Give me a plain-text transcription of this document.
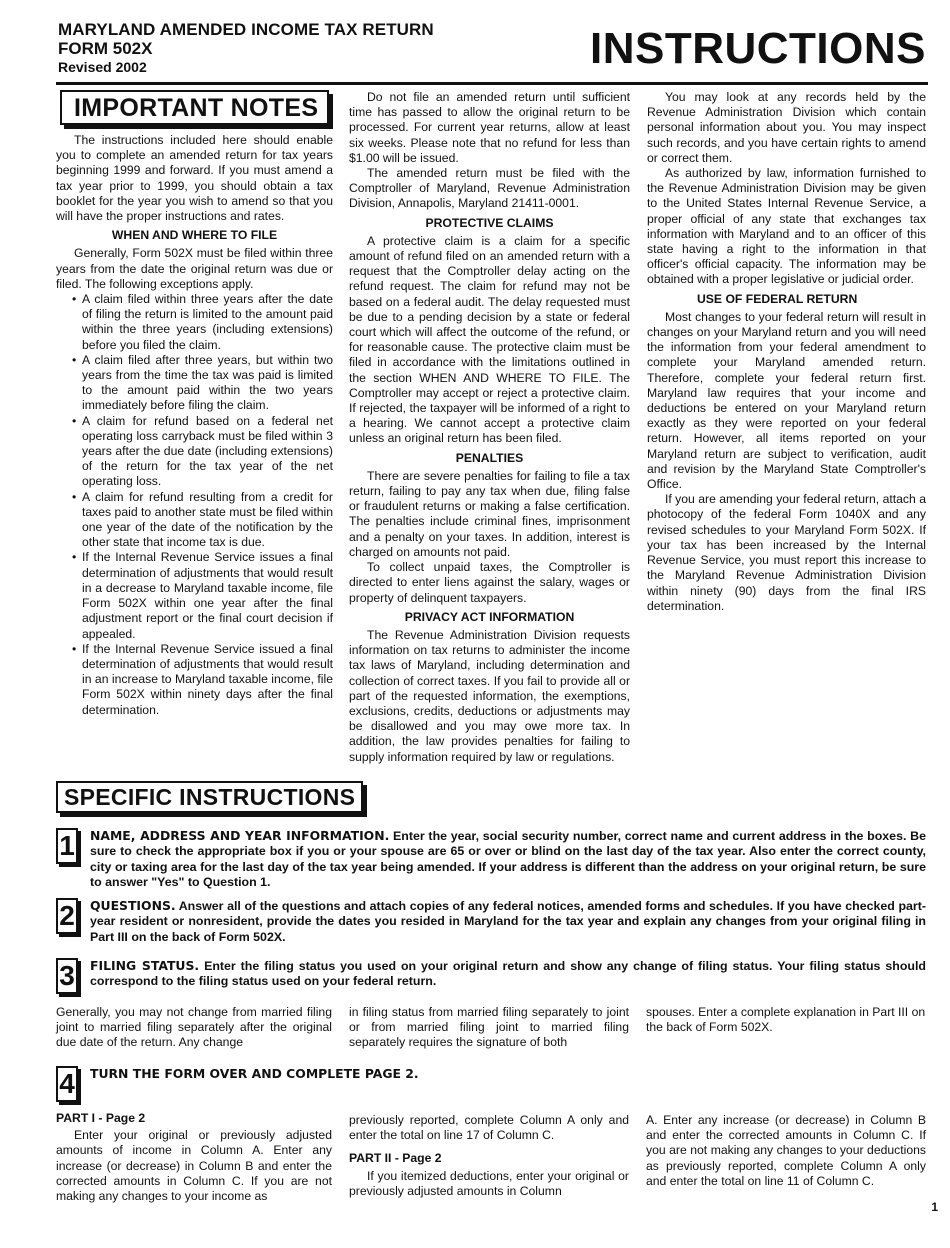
MARYLAND AMENDED INCOME TAX RETURN
FORM 502X
Revised 2002	INSTRUCTIONS
IMPORTANT NOTES

The instructions included here should enable you to complete an amended return for tax years beginning 1999 and forward. If you must amend a tax year prior to 1999, you should obtain a tax booklet for the year you wish to amend so that you will have the proper instructions and rates.

WHEN AND WHERE TO FILE

Generally, Form 502X must be filed within three years from the date the original return was due or filed. The following exceptions apply.

• A claim filed within three years after the date of filing the return is limited to the amount paid within the three years (including extensions) before you filed the claim.
• A claim filed after three years, but within two years from the time the tax was paid is limited to the amount paid within the two years immediately before filing the claim.
• A claim for refund based on a federal net operating loss carryback must be filed within 3 years after the due date (including extensions) of the return for the tax year of the net operating loss.
• A claim for refund resulting from a credit for taxes paid to another state must be filed within one year of the date of the notification by the other state that income tax is due.
• If the Internal Revenue Service issues a final determination of adjustments that would result in a decrease to Maryland taxable income, file Form 502X within one year after the final adjustment report or the final court decision if appealed.
• If the Internal Revenue Service issued a final determination of adjustments that would result in an increase to Maryland taxable income, file Form 502X within ninety days after the final determination.

Do not file an amended return until sufficient time has passed to allow the original return to be processed. For current year returns, allow at least six weeks. Please note that no refund for less than $1.00 will be issued.

The amended return must be filed with the Comptroller of Maryland, Revenue Administration Division, Annapolis, Maryland 21411-0001.

PROTECTIVE CLAIMS

A protective claim is a claim for a specific amount of refund filed on an amended return with a request that the Comptroller delay acting on the refund request. The claim for refund may not be based on a federal audit. The delay requested must be due to a pending decision by a state or federal court which will affect the outcome of the refund, or for reasonable cause. The protective claim must be filed in accordance with the limitations outlined in the section WHEN AND WHERE TO FILE. The Comptroller may accept or reject a protective claim. If rejected, the taxpayer will be informed of a right to a hearing. We cannot accept a protective claim unless an original return has been filed.

PENALTIES

There are severe penalties for failing to file a tax return, failing to pay any tax when due, filing false or fraudulent returns or making a false certification. The penalties include criminal fines, imprisonment and a penalty on your taxes. In addition, interest is charged on amounts not paid.

To collect unpaid taxes, the Comptroller is directed to enter liens against the salary, wages or property of delinquent taxpayers.

PRIVACY ACT INFORMATION

The Revenue Administration Division requests information on tax returns to administer the income tax laws of Maryland, including determination and collection of correct taxes. If you fail to provide all or part of the requested information, the exemptions, exclusions, credits, deductions or adjustments may be disallowed and you may owe more tax. In addition, the law provides penalties for failing to supply information required by law or regulations.

You may look at any records held by the Revenue Administration Division which contain personal information about you. You may inspect such records, and you have certain rights to amend or correct them.

As authorized by law, information furnished to the Revenue Administration Division may be given to the United States Internal Revenue Service, a proper official of any state that exchanges tax information with Maryland and to an officer of this state having a right to the information in that officer's official capacity. The information may be obtained with a proper legislative or judicial order.

USE OF FEDERAL RETURN

Most changes to your federal return will result in changes on your Maryland return and you will need the information from your federal amendment to complete your Maryland amended return. Therefore, complete your federal return first. Maryland law requires that your income and deductions be entered on your Maryland return exactly as they were reported on your federal return. However, all items reported on your Maryland return are subject to verification, audit and revision by the Maryland State Comptroller's Office.

If you are amending your federal return, attach a photocopy of the federal Form 1040X and any revised schedules to your Maryland Form 502X. If your tax has been increased by the Internal Revenue Service, you must report this increase to the Maryland Revenue Administration Division within ninety (90) days from the final IRS determination.

SPECIFIC INSTRUCTIONS
1 NAME, ADDRESS AND YEAR INFORMATION. Enter the year, social security number, correct name and current address in the boxes. Be sure to check the appropriate box if you or your spouse are 65 or over or blind on the last day of the tax year. Also enter the correct county, city or taxing area for the last day of the tax year being amended. If your address is different than the address on your original return, be sure to answer "Yes" to Question 1.
2 QUESTIONS. Answer all of the questions and attach copies of any federal notices, amended forms and schedules. If you have checked part-year resident or nonresident, provide the dates you resided in Maryland for the tax year and explain any changes from your original filing in Part III on the back of Form 502X.
3 FILING STATUS. Enter the filing status you used on your original return and show any change of filing status. Your filing status should correspond to the filing status used on your federal return.
Generally, you may not change from married filing joint to married filing separately after the original due date of the return. Any change
in filing status from married filing separately to joint or from married filing joint to married filing separately requires the signature of both
spouses. Enter a complete explanation in Part III on the back of Form 502X.
4 TURN THE FORM OVER AND COMPLETE PAGE 2.
PART I - Page 2

Enter your original or previously adjusted amounts of income in Column A. Enter any increase (or decrease) in Column B and enter the corrected amounts in Column C. If you are not making any changes to your income as

previously reported, complete Column A only and enter the total on line 17 of Column C.

PART II - Page 2

If you itemized deductions, enter your original or previously adjusted amounts in Column

A. Enter any increase (or decrease) in Column B and enter the corrected amounts in Column C. If you are not making any changes to your deductions as previously reported, complete Column A only and enter the total on line 11 of Column C.
1
